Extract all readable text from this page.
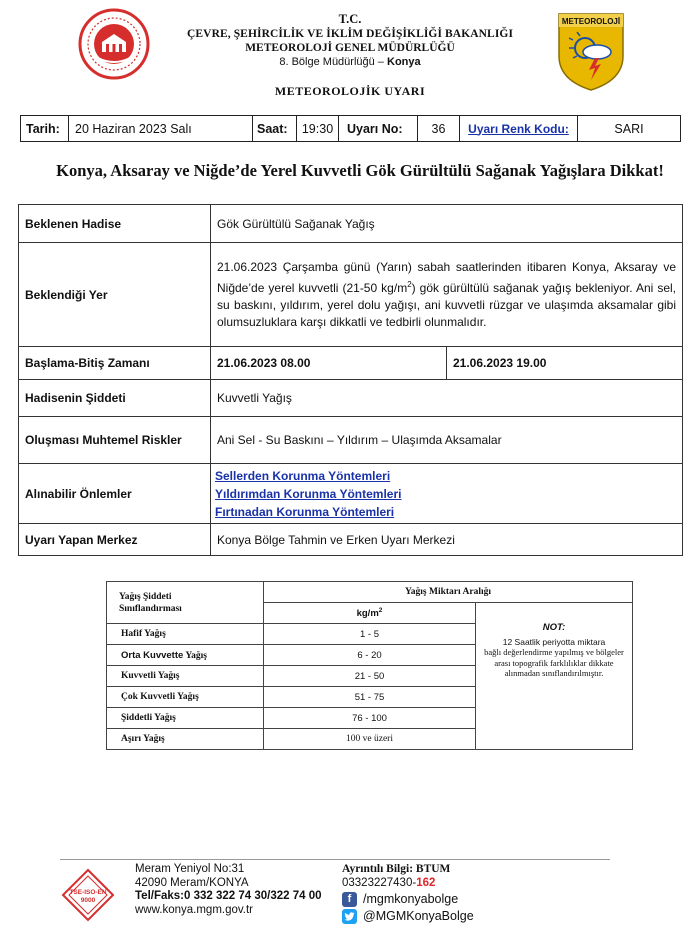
T.C.
ÇEVRE, ŞEHİRCİLİK VE İKLİM DEĞİŞİKLİĞİ BAKANLIĞI
METEOROLOJİ GENEL MÜDÜRLÜĞÜ
8. Bölge Müdürlüğü – Konya
METEOROLOJİ
METEOROLOJİK UYARI
Tarih: 20 Haziran 2023 Salı	Saat: 19:30 Uyarı No: 36 Uyarı Renk Kodu:	SARI
Konya, Aksaray ve Niğde’de Yerel Kuvvetli Gök Gürültülü Sağanak Yağışlara Dikkat!
Beklenen Hadise	Gök Gürültülü Sağanak Yağış	
Beklendiği Yer	21.06.2023 Çarşamba günü (Yarın) sabah saatlerinden itibaren Konya, Aksaray ve Niğde’de yerel kuvvetli (21-50 $kg/m^2$) gök gürültülü sağanak yağış bekleniyor. Ani sel, su baskını, yıldırım, yerel dolu yağışı, ani kuvvetli rüzgar ve ulaşımda aksamalar gibi olumsuzluklara karşı dikkatli ve tedbirli olunmalıdır.	
Başlama-Bitiş Zamanı	21.06.2023 08.00	21.06.2023 19.00
Hadisenin Şiddeti	Kuvvetli Yağış	
Oluşması Muhtemel Riskler	Ani Sel - Su Baskını – Yıldırım – Ulaşımda Aksamalar	
Alınabilir Önlemler	Sellerden Korunma Yöntemleri
Yıldırımdan Korunma Yöntemleri
Fırtınadan Korunma Yöntemleri	

Uyarı Yapan Merkez	Konya Bölge Tahmin ve Erken Uyarı Merkezi	
Yağış Şiddeti
Sınıflandırması	Yağış Miktarı Aralığı	
	$kg/m^2$	NOT:
12 Saatlik periyotta miktara
bağlı değerlendirme yapılmış ve bölgeler arası topografik farklılıklar dikkate alınmadan sınıflandırılmıştır.

Hafif Yağış	1 - 5	
Orta Kuvvette Yağış	6 - 20	
Kuvvetli Yağış	21 - 50	
Çok Kuvvetli Yağış	51 - 75	
Şiddetli Yağış	76 - 100	
Aşırı Yağış	100 ve üzeri	
TSE-ISO-EN
9000
Meram Yeniyol No:31
42090 Meram/KONYA
Tel/Faks:0 332 322 74 30/322 74 00
www.konya.mgm.gov.tr
Ayrıntılı Bilgi: BTUM
03323227430-162
f /mgmkonyabolge
@MGMKonyaBolge
